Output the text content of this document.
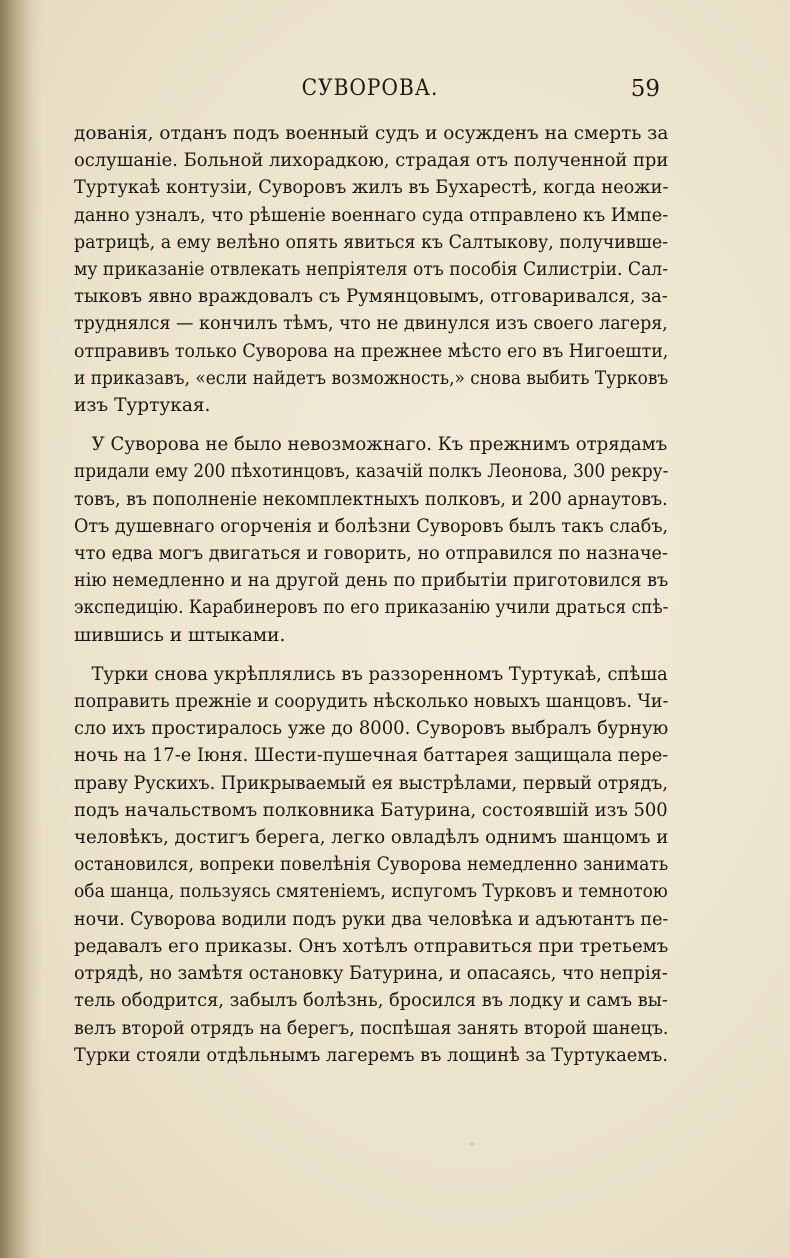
СУВОРОВА.	59
дованія, отданъ подъ военный судъ и осужденъ на смерть за
ослушаніе. Больной лихорадкою, страдая отъ полученной при
Туртукаѣ контузіи, Суворовъ жилъ въ Бухарестѣ, когда неожи-
данно узналъ, что рѣшеніе военнаго суда отправлено къ Импе-
ратрицѣ, а ему велѣно опять явиться къ Салтыкову, получивше-
му приказаніе отвлекать непріятеля отъ пособія Силистріи. Сал-
тыковъ явно враждовалъ съ Румянцовымъ, отговаривался, за-
труднялся — кончилъ тѣмъ, что не двинулся изъ своего лагеря,
отправивъ только Суворова на прежнее мѣсто его въ Нигоешти,
и приказавъ, «если найдетъ возможность,» снова выбить Турковъ
изъ Туртукая.
У Суворова не было невозможнаго. Къ прежнимъ отрядамъ
придали ему 200 пѣхотинцовъ, казачій полкъ Леонова, 300 рекру-
товъ, въ пополненіе некомплектныхъ полковъ, и 200 арнаутовъ.
Отъ душевнаго огорченія и болѣзни Суворовъ былъ такъ слабъ,
что едва могъ двигаться и говорить, но отправился по назначе-
нію немедленно и на другой день по прибытіи приготовился въ
экспедицію. Карабинеровъ по его приказанію учили драться спѣ-
шившись и штыками.
Турки снова укрѣплялись въ раззоренномъ Туртукаѣ, спѣша
поправить прежніе и соорудить нѣсколько новыхъ шанцовъ. Чи-
сло ихъ простиралось уже до 8000. Суворовъ выбралъ бурную
ночь на 17-е Іюня. Шести-пушечная баттарея защищала пере-
праву Рускихъ. Прикрываемый ея выстрѣлами, первый отрядъ,
подъ начальствомъ полковника Батурина, состоявшій изъ 500
человѣкъ, достигъ берега, легко овладѣлъ однимъ шанцомъ и
остановился, вопреки повелѣнія Суворова немедленно занимать
оба шанца, пользуясь смятеніемъ, испугомъ Турковъ и темнотою
ночи. Суворова водили подъ руки два человѣка и адъютантъ пе-
редавалъ его приказы. Онъ хотѣлъ отправиться при третьемъ
отрядѣ, но замѣтя остановку Батурина, и опасаясь, что непрія-
тель ободрится, забылъ болѣзнь, бросился въ лодку и самъ вы-
велъ второй отрядъ на берегъ, поспѣшая занять второй шанецъ.
Турки стояли отдѣльнымъ лагеремъ въ лощинѣ за Туртукаемъ.
